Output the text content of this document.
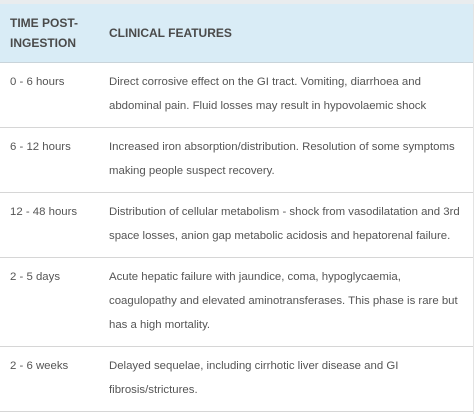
TIME POST-INGESTION	CLINICAL FEATURES
0 - 6 hours	Direct corrosive effect on the GI tract. Vomiting, diarrhoea and abdominal pain. Fluid losses may result in hypovolaemic shock
6 - 12 hours	Increased iron absorption/distribution. Resolution of some symptoms making people suspect recovery.
12 - 48 hours	Distribution of cellular metabolism - shock from vasodilatation and 3rd space losses, anion gap metabolic acidosis and hepatorenal failure.
2 - 5 days	Acute hepatic failure with jaundice, coma, hypoglycaemia, coagulopathy and elevated aminotransferases. This phase is rare but has a high mortality.
2 - 6 weeks	Delayed sequelae, including cirrhotic liver disease and GI fibrosis/strictures.
